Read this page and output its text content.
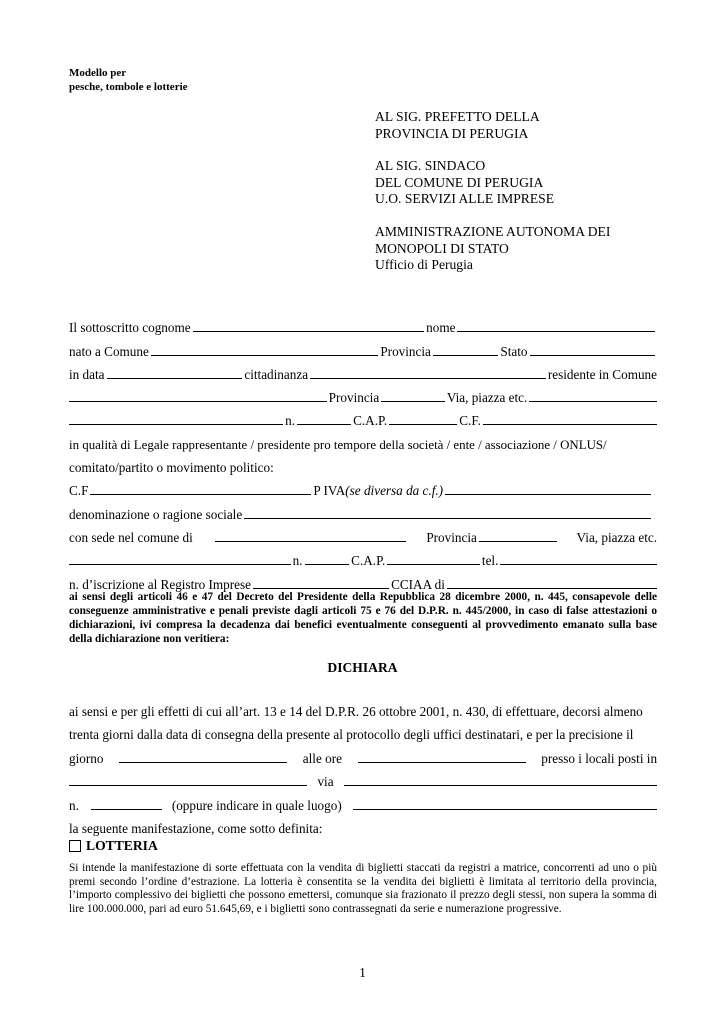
Modello per
pesche, tombole e lotterie
AL SIG. PREFETTO DELLA
PROVINCIA DI PERUGIA
AL SIG. SINDACO
DEL COMUNE DI PERUGIA
U.O. SERVIZI ALLE IMPRESE
AMMINISTRAZIONE AUTONOMA DEI
MONOPOLI DI STATO
Ufficio di Perugia
Il sottoscritto cognome	nome
nato a Comune	Provincia	Stato
in data	cittadinanza	residente in Comune
Provincia	Via, piazza etc.
n.	C.A.P.	C.F.
in qualità di Legale rappresentante / presidente pro tempore della società / ente / associazione / ONLUS/
comitato/partito o movimento politico:
C.F	P IVA (se diversa da c.f.)
denominazione o ragione sociale
con sede nel comune di	Provincia	Via, piazza etc.
n.	C.A.P.	tel.
n. d’iscrizione al Registro Imprese	CCIAA di
ai sensi degli articoli 46 e 47 del Decreto del Presidente della Repubblica 28 dicembre 2000, n. 445, consapevole delle conseguenze amministrative e penali previste dagli articoli 75 e 76 del D.P.R. n. 445/2000, in caso di false attestazioni o dichiarazioni, ivi compresa la decadenza dai benefici eventualmente conseguenti al provvedimento emanato sulla base della dichiarazione non veritiera:
DICHIARA
ai sensi e per gli effetti di cui all’art. 13 e 14 del D.P.R. 26 ottobre 2001, n. 430, di effettuare, decorsi almeno
trenta giorni dalla data di consegna della presente al protocollo degli uffici destinatari, e per la precisione il
giorno	alle ore	presso i locali posti in
via
n.	(oppure indicare in quale luogo)
la seguente manifestazione, come sotto definita:
LOTTERIA
Si intende la manifestazione di sorte effettuata con la vendita di biglietti staccati da registri a matrice, concorrenti ad uno o più premi secondo l’ordine d’estrazione. La lotteria è consentita se la vendita dei biglietti è limitata al territorio della provincia, l’importo complessivo dei biglietti che possono emettersi, comunque sia frazionato il prezzo degli stessi, non supera la somma di lire 100.000.000, pari ad euro 51.645,69, e i biglietti sono contrassegnati da serie e numerazione progressive.
1
